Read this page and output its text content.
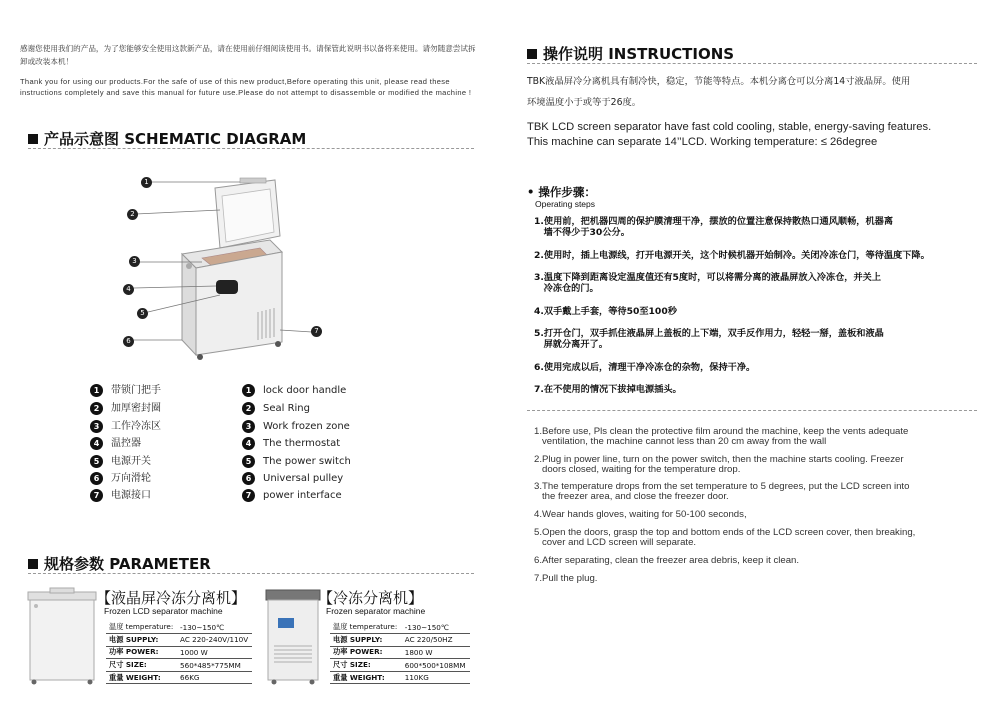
感谢您使用我们的产品，为了您能够安全使用这款新产品，请在使用前仔细阅读使用书。请保管此说明书以备将来使用。请勿随意尝试拆卸或改装本机！
Thank you for using our products.For the safe of use of this new product,Before operating this unit, please read these instructions completely and save this manual for future use.Please do not attempt to disassemble or modified the machine !
产品示意图 SCHEMATIC DIAGRAM
1
2
3
4
5
6
7
1 带锁门把手
2 加厚密封圈
3 工作冷冻区
4 温控器
5 电源开关
6 万向滑轮
7 电源接口
1 lock door handle
2 Seal Ring
3 Work frozen zone
4 The thermostat
5 The power switch
6 Universal pulley
7 power interface
规格参数 PARAMETER
【液晶屏冷冻分离机】
Frozen LCD separator machine
温度 temperature:	-130~150℃
电源 SUPPLY:	AC 220-240V/110V
功率 POWER:	1000 W
尺寸 SIZE:	560*485*775MM
重量 WEIGHT:	66KG
【冷冻分离机】
Frozen separator machine
温度 temperature:	-130~150℃
电源 SUPPLY:	AC 220/50HZ
功率 POWER:	1800 W
尺寸 SIZE:	600*500*108MM
重量 WEIGHT:	110KG
操作说明 INSTRUCTIONS
TBK液晶屏冷分离机具有制冷快，稳定，节能等特点。本机分离仓可以分离14寸液晶屏。使用
环境温度小于或等于26度。
TBK LCD screen separator have fast cold cooling, stable, energy-saving features.
This machine can separate 14’’LCD. Working temperature: ≤ 26degree
• 操作步骤：
Operating steps
1.使用前，把机器四周的保护膜清理干净，摆放的位置注意保持散热口通风顺畅，机器离
墙不得少于30公分。
2.使用时，插上电源线，打开电源开关，这个时候机器开始制冷。关闭冷冻仓门，等待温度下降。
3.温度下降到距离设定温度值还有5度时，可以将需分离的液晶屏放入冷冻仓，并关上
冷冻仓的门。
4.双手戴上手套，等待50至100秒
5.打开仓门，双手抓住液晶屏上盖板的上下端，双手反作用力，轻轻一掰，盖板和液晶
屏就分离开了。
6.使用完成以后，清理干净冷冻仓的杂物，保持干净。
7.在不使用的情况下拔掉电源插头。
1.Before use, Pls clean the protective film around the machine, keep the vents adequate
ventilation, the machine cannot less than 20 cm away from the wall
2.Plug in power line, turn on the power switch, then the machine starts cooling. Freezer
doors closed, waiting for the temperature drop.
3.The temperature drops from the set temperature to 5 degrees, put the LCD screen into
the freezer area, and close the freezer door.
4.Wear hands gloves, waiting for 50-100 seconds,
5.Open the doors, grasp the top and bottom ends of the LCD screen cover, then breaking,
cover and LCD screen will separate.
6.After separating, clean the freezer area debris, keep it clean.
7.Pull the plug.
